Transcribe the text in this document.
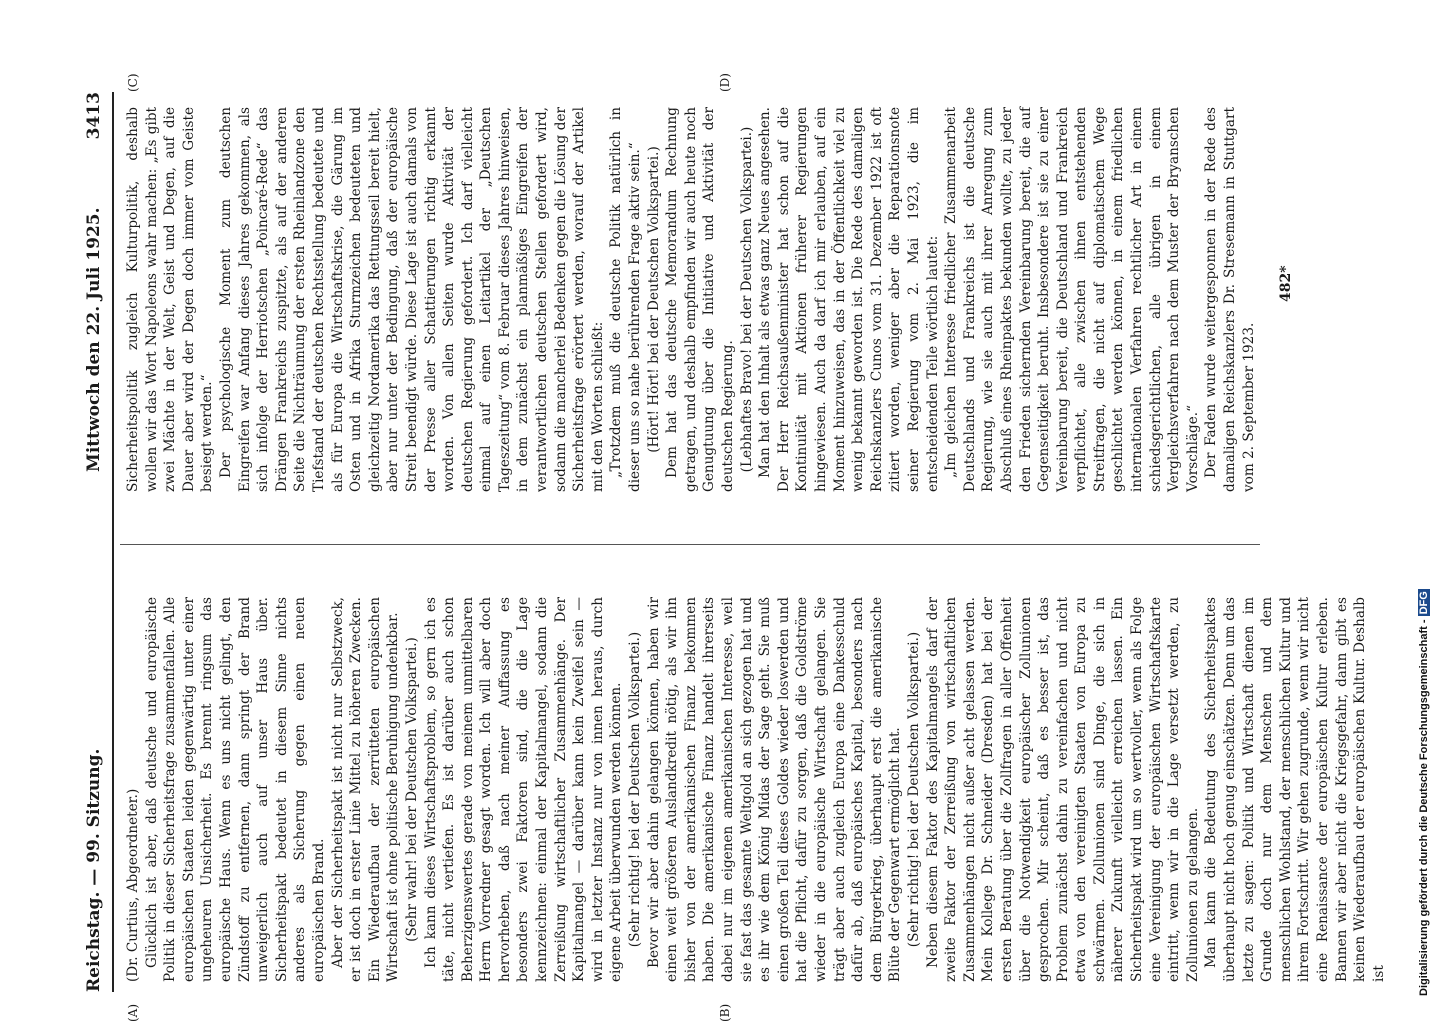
Reichstag. — 99. Sitzung.
Mittwoch den 22. Juli 1925.
3413
(A)	(B)
(C)	(D)

(Dr. Curtius, Abgeordneter.) Glücklich ist aber, daß deutsche und europäische Politik in dieser Sicherheitsfrage zusammenfallen. Alle europäischen Staaten leiden gegenwärtig unter einer ungeheuren Unsicherheit. Es brennt ringsum das europäische Haus. Wenn es uns nicht gelingt, den Zündstoff zu entfernen, dann springt der Brand unweigerlich auch auf unser Haus über. Sicherheitspakt bedeutet in diesem Sinne nichts anderes als Sicherung gegen einen neuen europäischen Brand. Aber der Sicherheitspakt ist nicht nur Selbstzweck, er ist doch in erster Linie Mittel zu höheren Zwecken. Ein Wiederaufbau der zerrütteten europäischen Wirtschaft ist ohne politische Beruhigung undenkbar. (Sehr wahr! bei der Deutschen Volkspartei.) Ich kann dieses Wirtschaftsproblem, so gern ich es täte, nicht vertiefen. Es ist darüber auch schon Beherzigenswertes gerade von meinem unmittelbaren Herrn Vorredner gesagt worden. Ich will aber doch hervorheben, daß nach meiner Auffassung es besonders zwei Faktoren sind, die die Lage kennzeichnen: einmal der Kapitalmangel, sodann die Zerreißung wirtschaftlicher Zusammenhänge. Der Kapitalmangel — darüber kann kein Zweifel sein — wird in letzter Instanz nur von innen heraus, durch eigene Arbeit überwunden werden können. (Sehr richtig! bei der Deutschen Volkspartei.) Bevor wir aber dahin gelangen können, haben wir einen weit größeren Auslandkredit nötig, als wir ihn bisher von der amerikanischen Finanz bekommen haben. Die amerikanische Finanz handelt ihrerseits dabei nur im eigenen amerikanischen Interesse, weil sie fast das gesamte Weltgold an sich gezogen hat und es ihr wie dem König Midas der Sage geht. Sie muß einen großen Teil dieses Goldes wieder loswerden und hat die Pflicht, dafür zu sorgen, daß die Goldströme wieder in die europäische Wirtschaft gelangen. Sie trägt aber auch zugleich Europa eine Dankesschuld dafür ab, daß europäisches Kapital, besonders nach dem Bürgerkrieg, überhaupt erst die amerikanische Blüte der Gegenwart ermöglicht hat. (Sehr richtig! bei der Deutschen Volkspartei.) Neben diesem Faktor des Kapitalmangels darf der zweite Faktor der Zerreißung von wirtschaftlichen Zusammenhängen nicht außer acht gelassen werden. Mein Kollege Dr. Schneider (Dresden) hat bei der ersten Beratung über die Zollfragen in aller Offenheit über die Notwendigkeit europäischer Zollunionen gesprochen. Mir scheint, daß es besser ist, das Problem zunächst dahin zu vereinfachen und nicht etwa von den vereinigten Staaten von Europa zu schwärmen. Zollunionen sind Dinge, die sich in näherer Zukunft vielleicht erreichen lassen. Ein Sicherheitspakt wird um so wertvoller, wenn als Folge eine Vereinigung der europäischen Wirtschaftskarte eintritt, wenn wir in die Lage versetzt werden, zu Zollunionen zu gelangen. Man kann die Bedeutung des Sicherheitspaktes überhaupt nicht hoch genug einschätzen. Denn um das letzte zu sagen: Politik und Wirtschaft dienen im Grunde doch nur dem Menschen und dem menschlichen Wohlstand, der menschlichen Kultur und ihrem Fortschritt. Wir gehen zugrunde, wenn wir nicht eine Renaissance der europäischen Kultur erleben. Bannen wir aber nicht die Kriegsgefahr, dann gibt es keinen Wiederaufbau der europäischen Kultur. Deshalb ist

Sicherheitspolitik zugleich Kulturpolitik, deshalb wollen wir das Wort Napoleons wahr machen: „Es gibt zwei Mächte in der Welt, Geist und Degen, auf die Dauer aber wird der Degen doch immer vom Geiste besiegt werden.“ Der psychologische Moment zum deutschen Eingreifen war Anfang dieses Jahres gekommen, als sich infolge der Herriotschen „Poincaré-Rede“ das Drängen Frankreichs zuspitzte, als auf der anderen Seite die Nichträumung der ersten Rheinlandzone den Tiefstand der deutschen Rechtsstellung bedeutete und als für Europa die Wirtschaftskrise, die Gärung im Osten und in Afrika Sturmzeichen bedeuteten und gleichzeitig Nordamerika das Rettungsseil bereit hielt, aber nur unter der Bedingung, daß der europäische Streit beendigt würde. Diese Lage ist auch damals von der Presse aller Schattierungen richtig erkannt worden. Von allen Seiten wurde Aktivität der deutschen Regierung gefordert. Ich darf vielleicht einmal auf einen Leitartikel der „Deutschen Tageszeitung“ vom 8. Februar dieses Jahres hinweisen, in dem zunächst ein planmäßiges Eingreifen der verantwortlichen deutschen Stellen gefordert wird, sodann die mancherlei Bedenken gegen die Lösung der Sicherheitsfrage erörtert werden, worauf der Artikel mit den Worten schließt: „Trotzdem muß die deutsche Politik natürlich in dieser uns so nahe berührenden Frage aktiv sein.“ (Hört! Hört! bei der Deutschen Volkspartei.) Dem hat das deutsche Memorandum Rechnung getragen, und deshalb empfinden wir auch heute noch Genugtuung über die Initiative und Aktivität der deutschen Regierung. (Lebhaftes Bravo! bei der Deutschen Volkspartei.) Man hat den Inhalt als etwas ganz Neues angesehen. Der Herr Reichsaußenminister hat schon auf die Kontinuität mit Aktionen früherer Regierungen hingewiesen. Auch da darf ich mir erlauben, auf ein Moment hinzuweisen, das in der Öffentlichkeit viel zu wenig bekannt geworden ist. Die Rede des damaligen Reichskanzlers Cunos vom 31. Dezember 1922 ist oft zitiert worden, weniger aber die Reparationsnote seiner Regierung vom 2. Mai 1923, die im entscheidenden Teile wörtlich lautet: „Im gleichen Interesse friedlicher Zusammenarbeit Deutschlands und Frankreichs ist die deutsche Regierung, wie sie auch mit ihrer Anregung zum Abschluß eines Rheinpaktes bekunden wollte, zu jeder den Frieden sichernden Vereinbarung bereit, die auf Gegenseitigkeit beruht. Insbesondere ist sie zu einer Vereinbarung bereit, die Deutschland und Frankreich verpflichtet, alle zwischen ihnen entstehenden Streitfragen, die nicht auf diplomatischem Wege geschlichtet werden können, in einem friedlichen internationalen Verfahren rechtlicher Art in einem schiedsgerichtlichen, alle übrigen in einem Vergleichsverfahren nach dem Muster der Bryanschen Vorschläge.“ Der Faden wurde weitergesponnen in der Rede des damaligen Reichskanzlers Dr. Stresemann in Stuttgart vom 2. September 1923.

482*
Digitalisierung gefördert durch die Deutsche Forschungsgemeinschaft - DFG
